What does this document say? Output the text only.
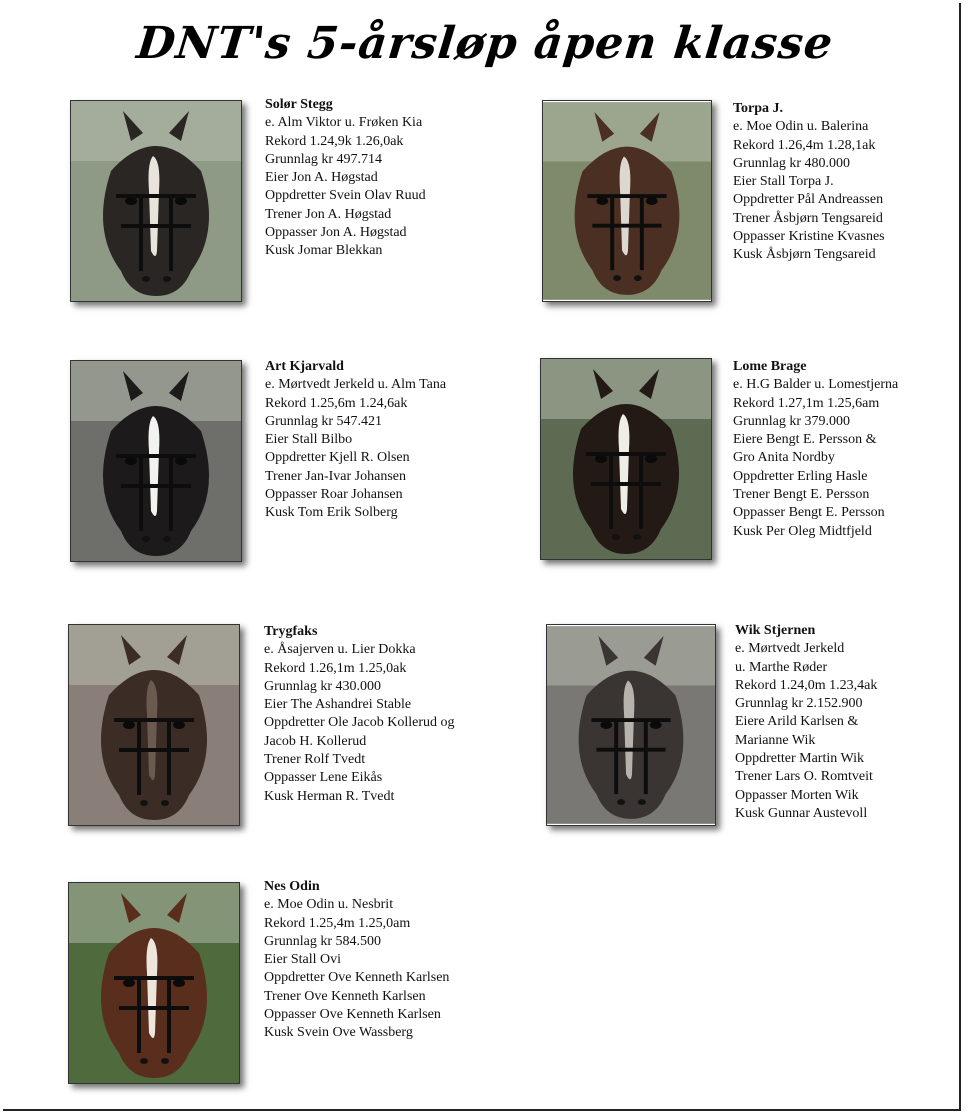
DNT's 5-årsløp åpen klasse
Solør Stegg
e. Alm Viktor u. Frøken Kia
Rekord 1.24,9k 1.26,0ak
Grunnlag kr 497.714
Eier Jon A. Høgstad
Oppdretter Svein Olav Ruud
Trener Jon A. Høgstad
Oppasser Jon A. Høgstad
Kusk Jomar Blekkan
Torpa J.
e. Moe Odin u. Balerina
Rekord 1.26,4m 1.28,1ak
Grunnlag kr 480.000
Eier Stall Torpa J.
Oppdretter Pål Andreassen
Trener Åsbjørn Tengsareid
Oppasser Kristine Kvasnes
Kusk Åsbjørn Tengsareid
Art Kjarvald
e. Mørtvedt Jerkeld u. Alm Tana
Rekord 1.25,6m 1.24,6ak
Grunnlag kr 547.421
Eier Stall Bilbo
Oppdretter Kjell R. Olsen
Trener Jan-Ivar Johansen
Oppasser Roar Johansen
Kusk Tom Erik Solberg
Lome Brage
e. H.G Balder u. Lomestjerna
Rekord 1.27,1m 1.25,6am
Grunnlag kr 379.000
Eiere Bengt E. Persson &
Gro Anita Nordby
Oppdretter Erling Hasle
Trener Bengt E. Persson
Oppasser Bengt E. Persson
Kusk Per Oleg Midtfjeld
Trygfaks
e. Åsajerven u. Lier Dokka
Rekord 1.26,1m 1.25,0ak
Grunnlag kr 430.000
Eier The Ashandrei Stable
Oppdretter Ole Jacob Kollerud og
Jacob H. Kollerud
Trener Rolf Tvedt
Oppasser Lene Eikås
Kusk Herman R. Tvedt
Wik Stjernen
e. Mørtvedt Jerkeld
u. Marthe Røder
Rekord 1.24,0m 1.23,4ak
Grunnlag kr 2.152.900
Eiere Arild Karlsen &
Marianne Wik
Oppdretter Martin Wik
Trener Lars O. Romtveit
Oppasser Morten Wik
Kusk Gunnar Austevoll
Nes Odin
e. Moe Odin u. Nesbrit
Rekord 1.25,4m 1.25,0am
Grunnlag kr 584.500
Eier Stall Ovi
Oppdretter Ove Kenneth Karlsen
Trener Ove Kenneth Karlsen
Oppasser Ove Kenneth Karlsen
Kusk Svein Ove Wassberg
